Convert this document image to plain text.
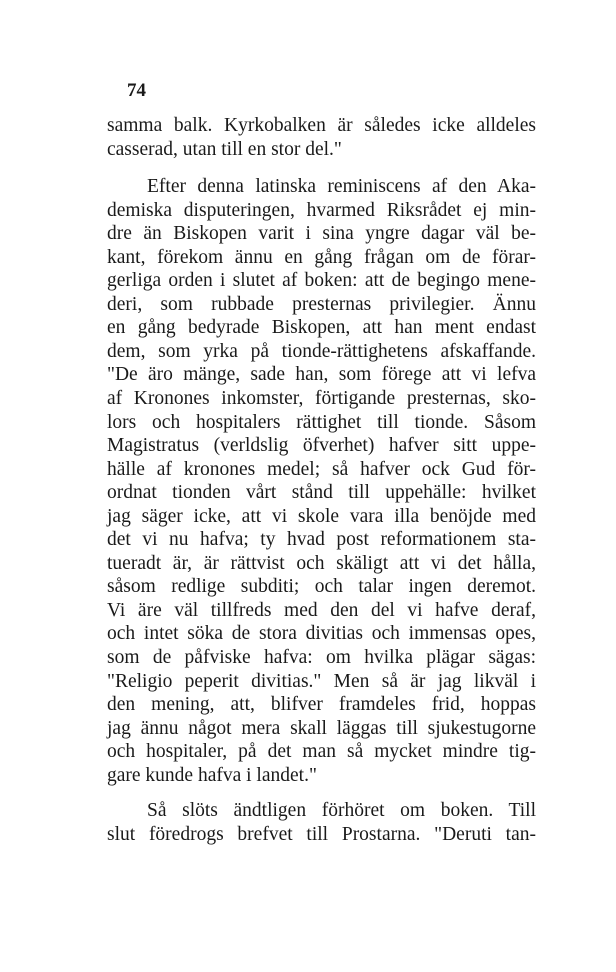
74
samma balk. Kyrkobalken är således icke alldeles
casserad, utan till en stor del."
Efter denna latinska reminiscens af den Aka-
demiska disputeringen, hvarmed Riksrådet ej min-
dre än Biskopen varit i sina yngre dagar väl be-
kant, förekom ännu en gång frågan om de förar-
gerliga orden i slutet af boken: att de begingo mene-
deri, som rubbade presternas privilegier. Ännu
en gång bedyrade Biskopen, att han ment endast
dem, som yrka på tionde-rättighetens afskaffande.
"De äro mänge, sade han, som förege att vi lefva
af Kronones inkomster, förtigande presternas, sko-
lors och hospitalers rättighet till tionde. Såsom
Magistratus (verldslig öfverhet) hafver sitt uppe-
hälle af kronones medel; så hafver ock Gud för-
ordnat tionden vårt stånd till uppehälle: hvilket
jag säger icke, att vi skole vara illa benöjde med
det vi nu hafva; ty hvad post reformationem sta-
tueradt är, är rättvist och skäligt att vi det hålla,
såsom redlige subditi; och talar ingen deremot.
Vi äre väl tillfreds med den del vi hafve deraf,
och intet söka de stora divitias och immensas opes,
som de påfviske hafva: om hvilka plägar sägas:
"Religio peperit divitias." Men så är jag likväl i
den mening, att, blifver framdeles frid, hoppas
jag ännu något mera skall läggas till sjukestugorne
och hospitaler, på det man så mycket mindre tig-
gare kunde hafva i landet."
Så slöts ändtligen förhöret om boken. Till
slut föredrogs brefvet till Prostarna. "Deruti tan-
